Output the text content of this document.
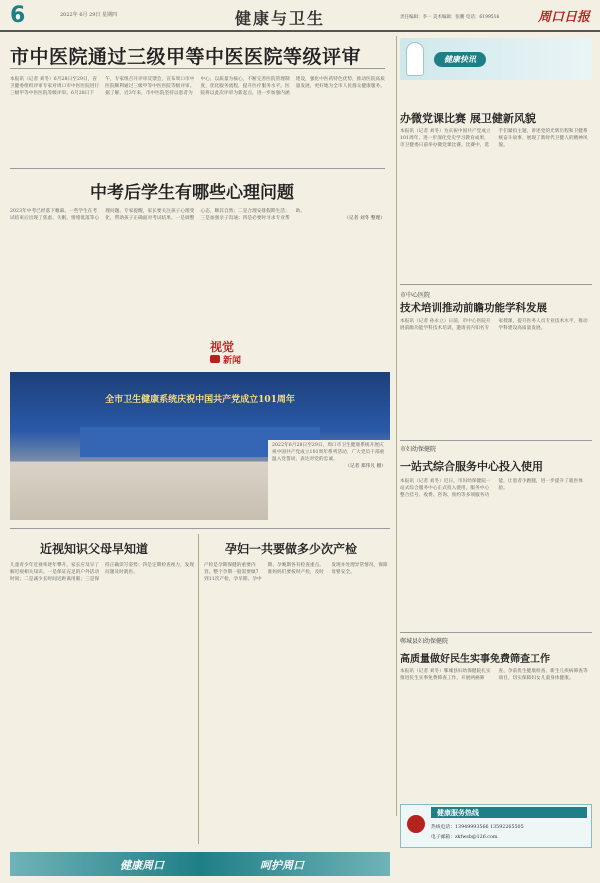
6	2022年 6月 29日 星期四	健康与卫生	责任编辑：李一 美术编辑：张鹏 电话：6199516	周口日报
市中医院通过三级甲等中医医院等级评审

本报讯（记者 刘冬）6月28日至29日，省卫健委组织评审专家对周口市中医医院进行三级甲等中医医院等级评审。6月28日下午，专家组召开评审反馈会，宣布周口市中医院顺利通过三级甲等中医医院等级评审。据了解，近3年来，市中医院坚持以患者为中心，以质量为核心，不断完善医院管理制度，优化服务流程，提升医疗服务水平。医院将以此次评审为新起点，进一步加强内涵建设，强化中医药特色优势，推动医院高质量发展，更好地为全市人民群众健康服务。

中考后学生有哪些心理问题

2023年中考已经落下帷幕。一些学生在考试结束后出现了焦虑、失眠、情绪低落等心理问题。专家提醒，家长要关注孩子心理变化，帮助孩子正确面对考试结果。一是调整心态，顺其自然；二是合理安排假期生活；三是加强亲子沟通；四是必要时寻求专业帮助。

（记者 刘冬 整理）

视觉
新闻
全市卫生健康系统庆祝中国共产党成立101周年

2022年6月28日至29日，周口市卫生健康系统开展庆祝中国共产党成立101周年系列活动，广大党员干部重温入党誓词，表达对党的忠诚。

（记者 郑伟凡 摄）

健康快讯
办微党课比赛 展卫健新风貌

本报讯（记者 刘冬）为庆祝中国共产党成立101周年，进一步深化党史学习教育成果，市卫健委日前举办微党课比赛。比赛中，选手们紧扣主题，讲述党的光辉历程和卫健系统奋斗故事，展现了新时代卫健人的精神风貌。

市中心医院
技术培训推动前瞻功能学科发展

本报讯（记者 孙永立）日前，市中心医院开展前瞻功能学科技术培训，邀请省内知名专家授课，提升医务人员专业技术水平，推动学科建设高质量发展。

市妇幼保健院
一站式综合服务中心投入使用

本报讯（记者 刘冬）近日，市妇幼保健院一站式综合服务中心正式投入使用。服务中心整合挂号、收费、咨询、预约等多项服务功能，让患者少跑腿，进一步提升了就医体验。

郸城县妇幼保健院
高质量做好民生实事免费筛查工作

本报讯（记者 刘冬）郸城县妇幼保健院扎实推进民生实事免费筛查工作，开展两癌筛查、孕前优生健康检查、新生儿疾病筛查等项目，切实保障妇女儿童身体健康。

健康服务热线
热线电话：13949993566 13592265505
电子邮箱：zkfwsb@126.com
近视知识父母早知道

儿童青少年近视率逐年攀升，家长应及早了解近视相关知识。一是保证充足的户外活动时间；二是减少长时间近距离用眼；三是保持正确读写姿势；四是定期检查视力，发现问题及时就医。

孕妇一共要做多少次产检

产检是孕期保健的重要内容。整个孕期一般需要做7到11次产检，孕早期、孕中期、孕晚期各有检查重点。准妈妈们要按时产检，及时发现并处理异常情况，保障母婴安全。

健康周口	呵护周口
